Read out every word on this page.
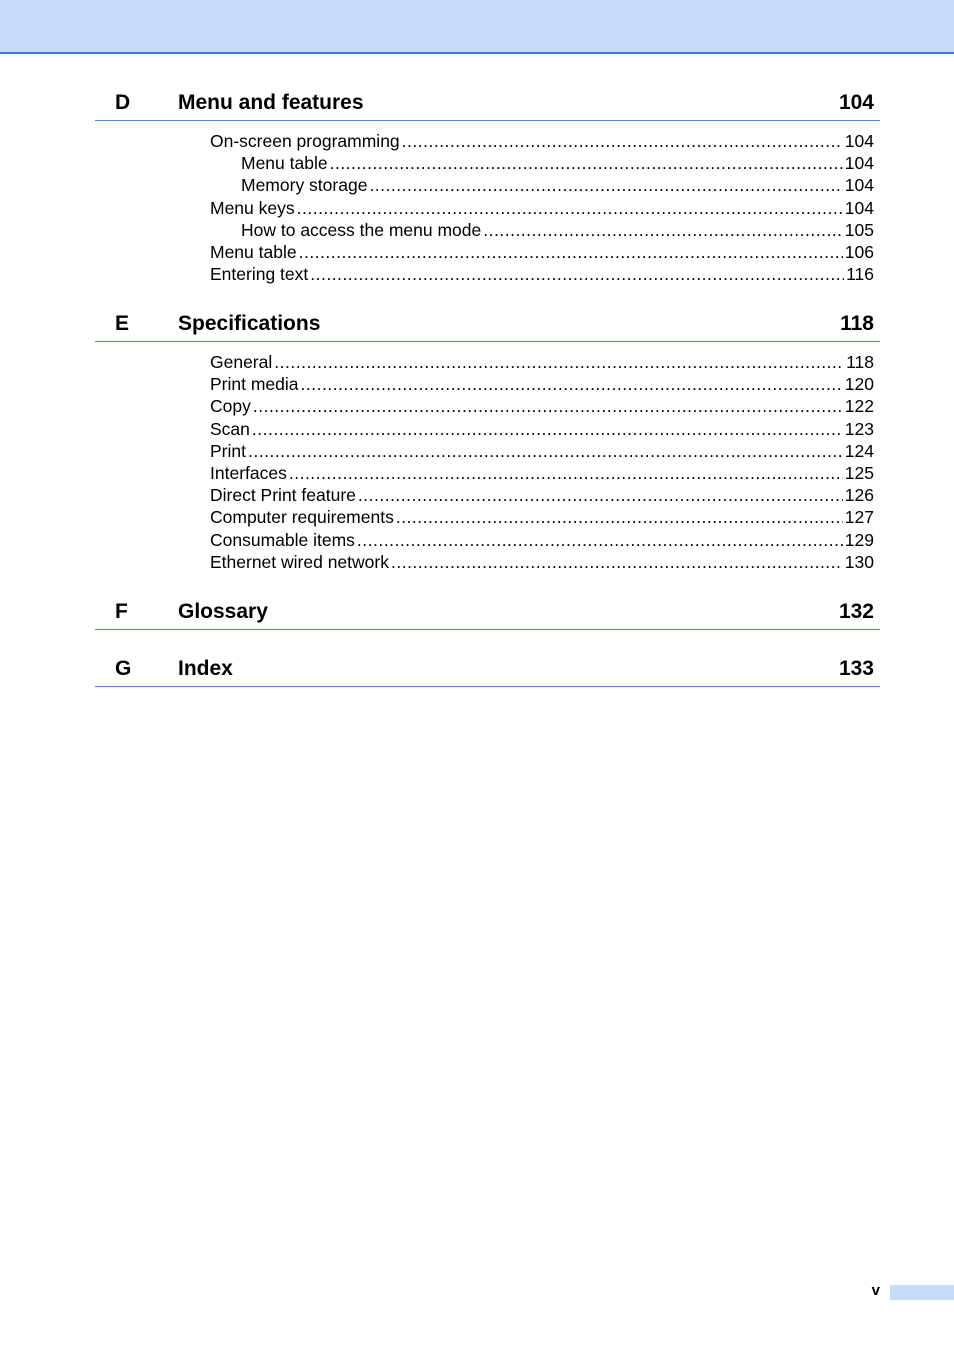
D Menu and features	104
On-screen programming .....	104
Menu table .....	104
Memory storage .....	104
Menu keys .....	104
How to access the menu mode .....	105
Menu table .....	106
Entering text .....	116
E Specifications	118
General .....	118
Print media .....	120
Copy .....	122
Scan .....	123
Print .....	124
Interfaces .....	125
Direct Print feature .....	126
Computer requirements .....	127
Consumable items .....	129
Ethernet wired network .....	130
F Glossary	132
G Index	133
v
